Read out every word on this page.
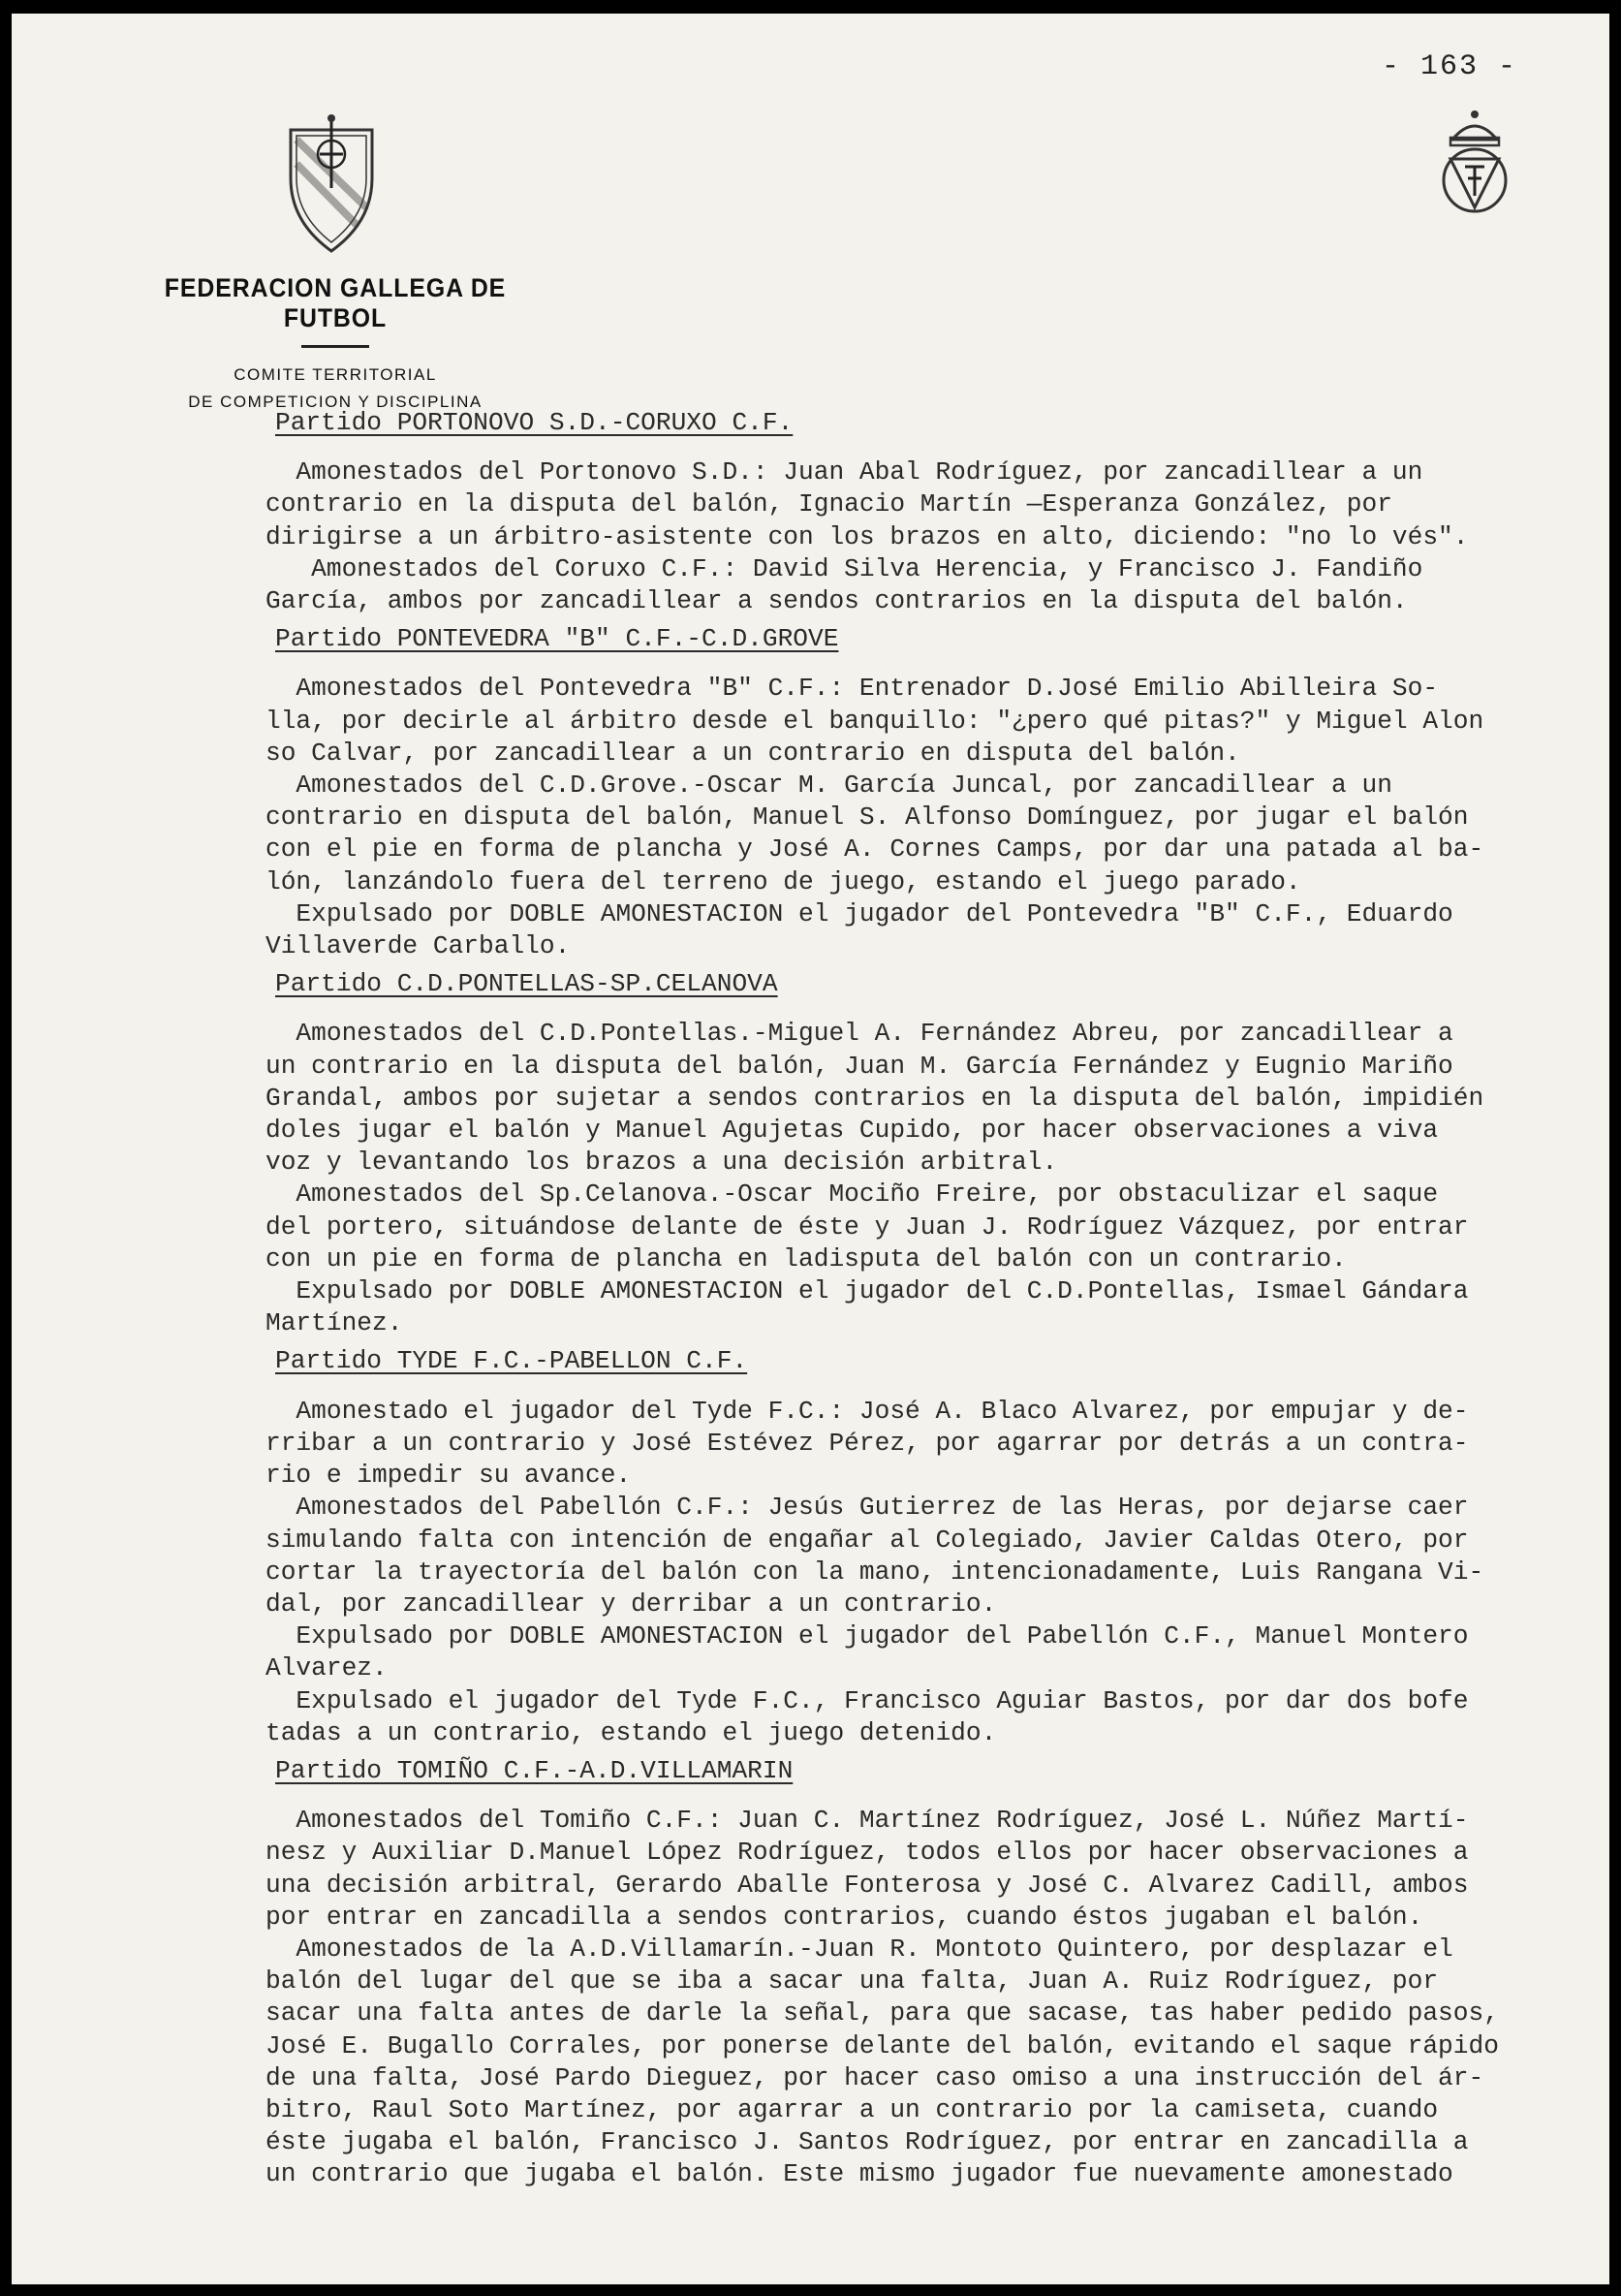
- 163 -
FEDERACION GALLEGA DE FUTBOL
COMITE TERRITORIAL
DE COMPETICION Y DISCIPLINA
Partido PORTONOVO S.D.-CORUXO C.F.
Amonestados del Portonovo S.D.: Juan Abal Rodríguez, por zancadillear a un
contrario en la disputa del balón, Ignacio Martín —Esperanza González, por
dirigirse a un árbitro-asistente con los brazos en alto, diciendo: "no lo vés".
Amonestados del Coruxo C.F.: David Silva Herencia, y Francisco J. Fandiño
García, ambos por zancadillear a sendos contrarios en la disputa del balón.
Partido PONTEVEDRA "B" C.F.-C.D.GROVE
Amonestados del Pontevedra "B" C.F.: Entrenador D.José Emilio Abilleira So-
lla, por decirle al árbitro desde el banquillo: "¿pero qué pitas?" y Miguel Alon
so Calvar, por zancadillear a un contrario en disputa del balón.
Amonestados del C.D.Grove.-Oscar M. García Juncal, por zancadillear a un
contrario en disputa del balón, Manuel S. Alfonso Domínguez, por jugar el balón
con el pie en forma de plancha y José A. Cornes Camps, por dar una patada al ba-
lón, lanzándolo fuera del terreno de juego, estando el juego parado.
Expulsado por DOBLE AMONESTACION el jugador del Pontevedra "B" C.F., Eduardo
Villaverde Carballo.
Partido C.D.PONTELLAS-SP.CELANOVA
Amonestados del C.D.Pontellas.-Miguel A. Fernández Abreu, por zancadillear a
un contrario en la disputa del balón, Juan M. García Fernández y Eugnio Mariño
Grandal, ambos por sujetar a sendos contrarios en la disputa del balón, impidién
doles jugar el balón y Manuel Agujetas Cupido, por hacer observaciones a viva
voz y levantando los brazos a una decisión arbitral.
Amonestados del Sp.Celanova.-Oscar Mociño Freire, por obstaculizar el saque
del portero, situándose delante de éste y Juan J. Rodríguez Vázquez, por entrar
con un pie en forma de plancha en ladisputa del balón con un contrario.
Expulsado por DOBLE AMONESTACION el jugador del C.D.Pontellas, Ismael Gándara
Martínez.
Partido TYDE F.C.-PABELLON C.F.
Amonestado el jugador del Tyde F.C.: José A. Blaco Alvarez, por empujar y de-
rribar a un contrario y José Estévez Pérez, por agarrar por detrás a un contra-
rio e impedir su avance.
Amonestados del Pabellón C.F.: Jesús Gutierrez de las Heras, por dejarse caer
simulando falta con intención de engañar al Colegiado, Javier Caldas Otero, por
cortar la trayectoría del balón con la mano, intencionadamente, Luis Rangana Vi-
dal, por zancadillear y derribar a un contrario.
Expulsado por DOBLE AMONESTACION el jugador del Pabellón C.F., Manuel Montero
Alvarez.
Expulsado el jugador del Tyde F.C., Francisco Aguiar Bastos, por dar dos bofe
tadas a un contrario, estando el juego detenido.
Partido TOMIÑO C.F.-A.D.VILLAMARIN
Amonestados del Tomiño C.F.: Juan C. Martínez Rodríguez, José L. Núñez Martí-
nesz y Auxiliar D.Manuel López Rodríguez, todos ellos por hacer observaciones a
una decisión arbitral, Gerardo Aballe Fonterosa y José C. Alvarez Cadill, ambos
por entrar en zancadilla a sendos contrarios, cuando éstos jugaban el balón.
Amonestados de la A.D.Villamarín.-Juan R. Montoto Quintero, por desplazar el
balón del lugar del que se iba a sacar una falta, Juan A. Ruiz Rodríguez, por
sacar una falta antes de darle la señal, para que sacase, tas haber pedido pasos,
José E. Bugallo Corrales, por ponerse delante del balón, evitando el saque rápido
de una falta, José Pardo Dieguez, por hacer caso omiso a una instrucción del ár-
bitro, Raul Soto Martínez, por agarrar a un contrario por la camiseta, cuando
éste jugaba el balón, Francisco J. Santos Rodríguez, por entrar en zancadilla a
un contrario que jugaba el balón. Este mismo jugador fue nuevamente amonestado
